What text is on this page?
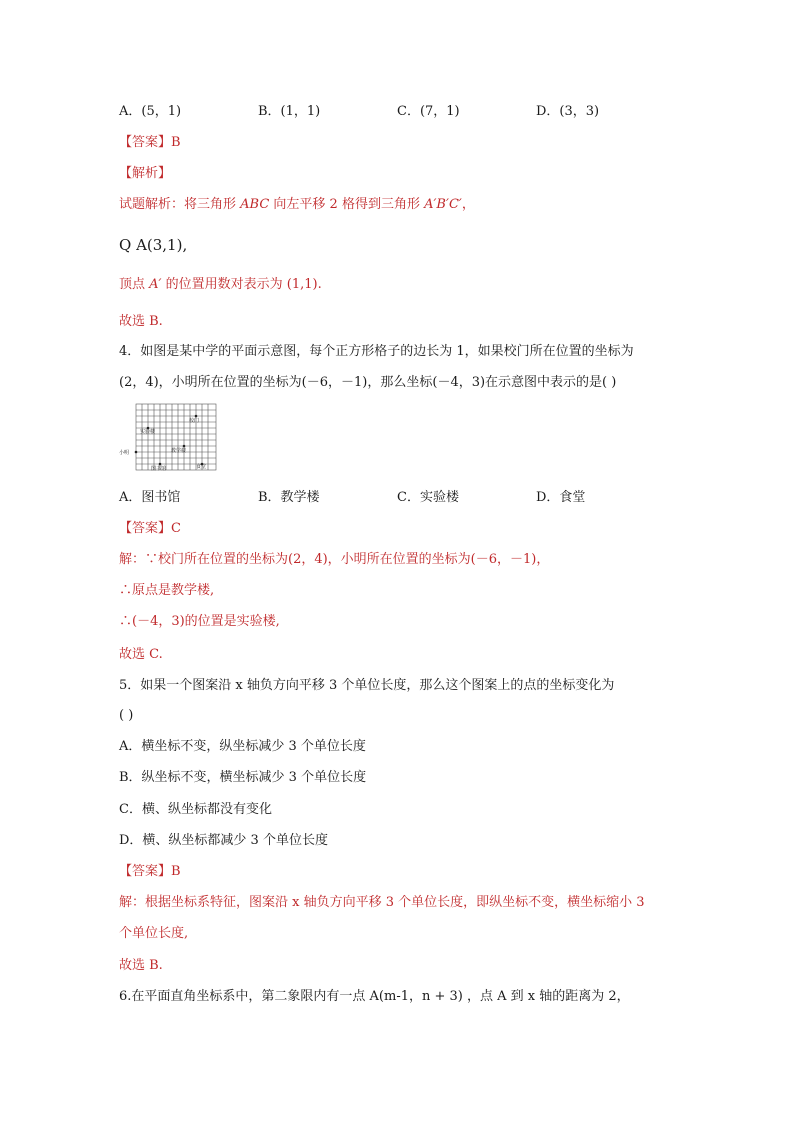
A．(5，1)	B．(1，1)	C．(7，1)	D．(3，3)
【答案】B
【解析】
试题解析：将三角形 ABC 向左平移 2 格得到三角形 A′B′C′，
Q A(3,1),
顶点 A′ 的位置用数对表示为 (1,1).
故选 B.
4．如图是某中学的平面示意图，每个正方形格子的边长为 1，如果校门所在位置的坐标为
(2，4)，小明所在位置的坐标为(－6，－1)，那么坐标(－4，3)在示意图中表示的是( )
校门
实验楼
教学楼
小明
图书馆	食堂
A．图书馆	B．教学楼	C．实验楼	D．食堂
【答案】C
解：∵校门所在位置的坐标为(2，4)，小明所在位置的坐标为(－6，－1)，
∴原点是教学楼,
∴(－4，3)的位置是实验楼,
故选 C.
5．如果一个图案沿 x 轴负方向平移 3 个单位长度，那么这个图案上的点的坐标变化为
( )
A．横坐标不变，纵坐标减少 3 个单位长度
B．纵坐标不变，横坐标减少 3 个单位长度
C．横、纵坐标都没有变化
D．横、纵坐标都减少 3 个单位长度
【答案】B
解：根据坐标系特征，图案沿 x 轴负方向平移 3 个单位长度，即纵坐标不变，横坐标缩小 3
个单位长度,
故选 B.
6.在平面直角坐标系中，第二象限内有一点 A(m-1，n + 3) ，点 A 到 x 轴的距离为 2，
